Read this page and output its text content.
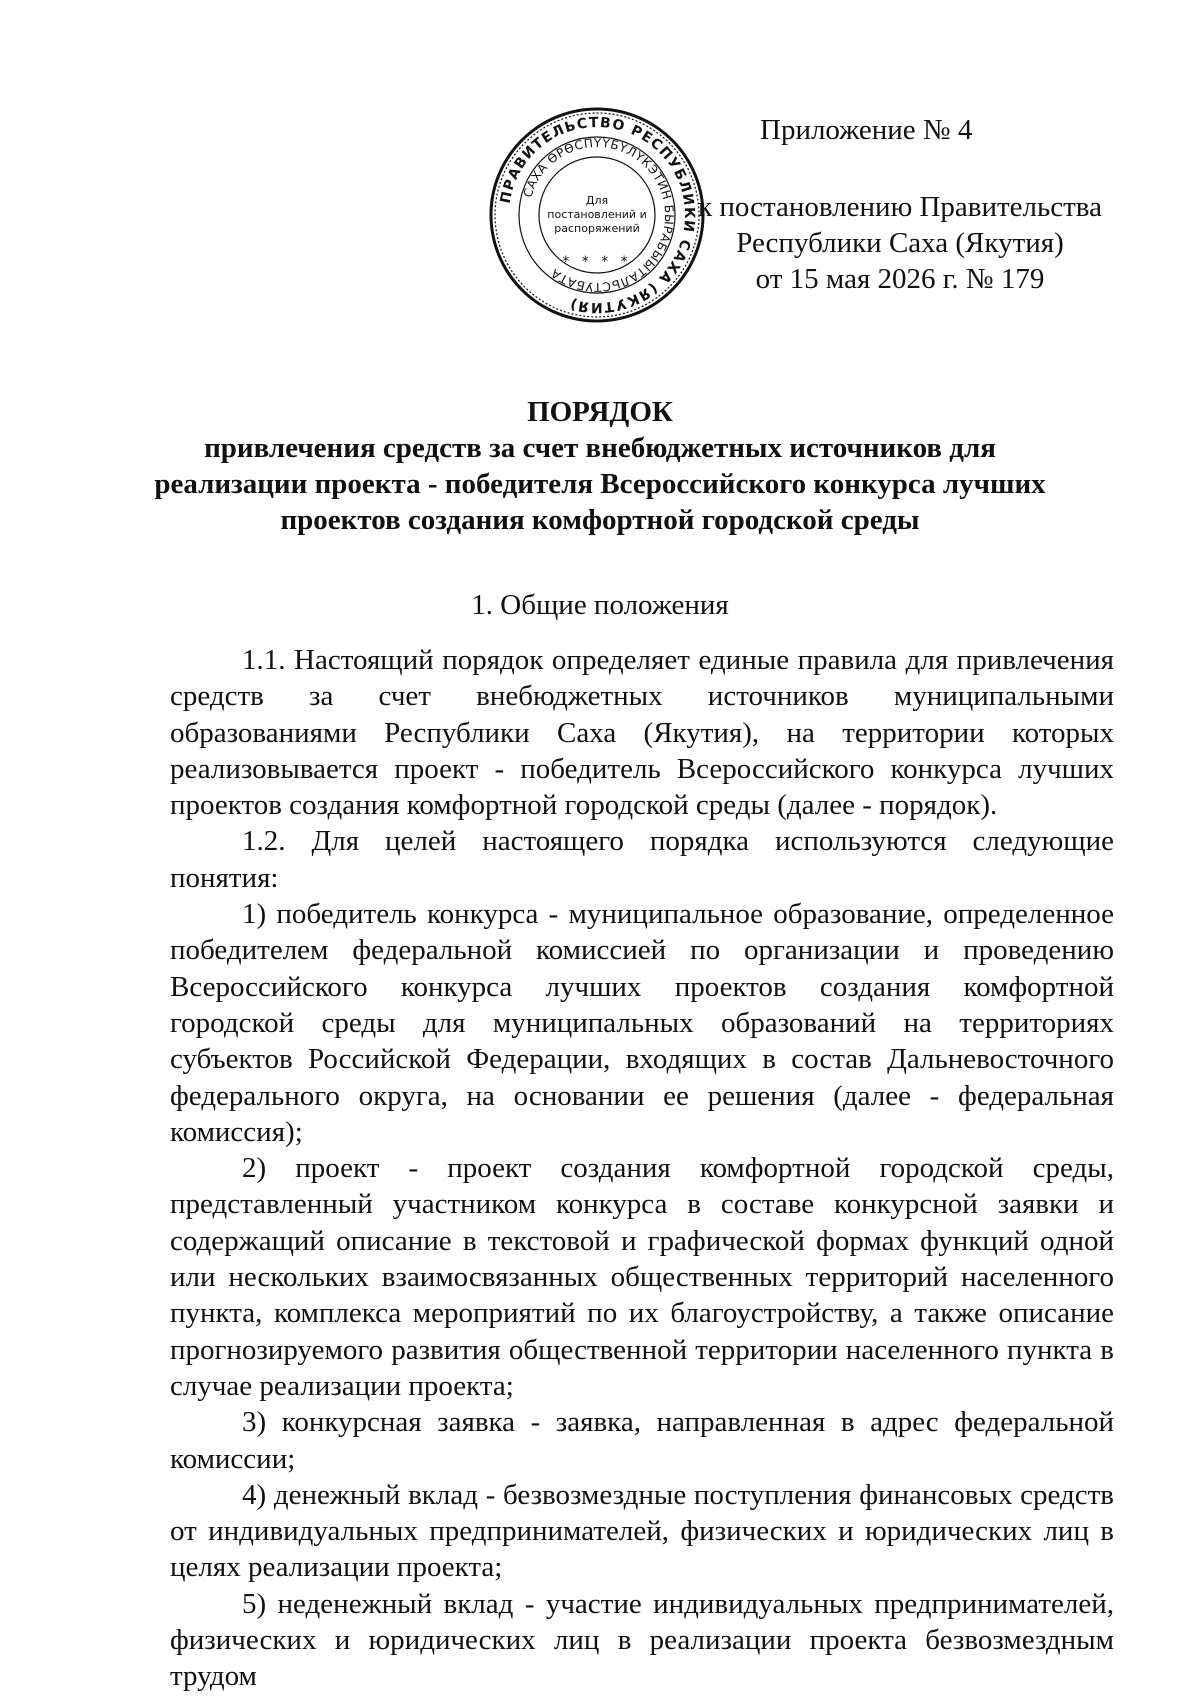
ПРАВИТЕЛЬСТВО РЕСПУБЛИКИ САХА (ЯКУТИЯ)
САХА ӨРӨСПҮҮБҮЛҮКЭТИН БЫРАБЫЫТАЛЬСТУБАТА
Для
постановлений и
распоряжений
* * * *
Приложение № 4
к постановлению Правительства
Республики Саха (Якутия)
от 15 мая 2026 г. № 179
ПОРЯДОК
привлечения средств за счет внебюджетных источников для реализации проекта - победителя Всероссийского конкурса лучших проектов создания комфортной городской среды
1. Общие положения

1.1. Настоящий порядок определяет единые правила для привлечения средств за счет внебюджетных источников муниципальными образованиями Республики Саха (Якутия), на территории которых реализовывается проект - победитель Всероссийского конкурса лучших проектов создания комфортной городской среды (далее - порядок).

1.2. Для целей настоящего порядка используются следующие понятия:

1) победитель конкурса - муниципальное образование, определенное победителем федеральной комиссией по организации и проведению Всероссийского конкурса лучших проектов создания комфортной городской среды для муниципальных образований на территориях субъектов Российской Федерации, входящих в состав Дальневосточного федерального округа, на основании ее решения (далее - федеральная комиссия);

2) проект - проект создания комфортной городской среды, представленный участником конкурса в составе конкурсной заявки и содержащий описание в текстовой и графической формах функций одной или нескольких взаимосвязанных общественных территорий населенного пункта, комплекса мероприятий по их благоустройству, а также описание прогнозируемого развития общественной территории населенного пункта в случае реализации проекта;

3) конкурсная заявка - заявка, направленная в адрес федеральной комиссии;

4) денежный вклад - безвозмездные поступления финансовых средств от индивидуальных предпринимателей, физических и юридических лиц в целях реализации проекта;

5) неденежный вклад - участие индивидуальных предпринимателей, физических и юридических лиц в реализации проекта безвозмездным трудом
